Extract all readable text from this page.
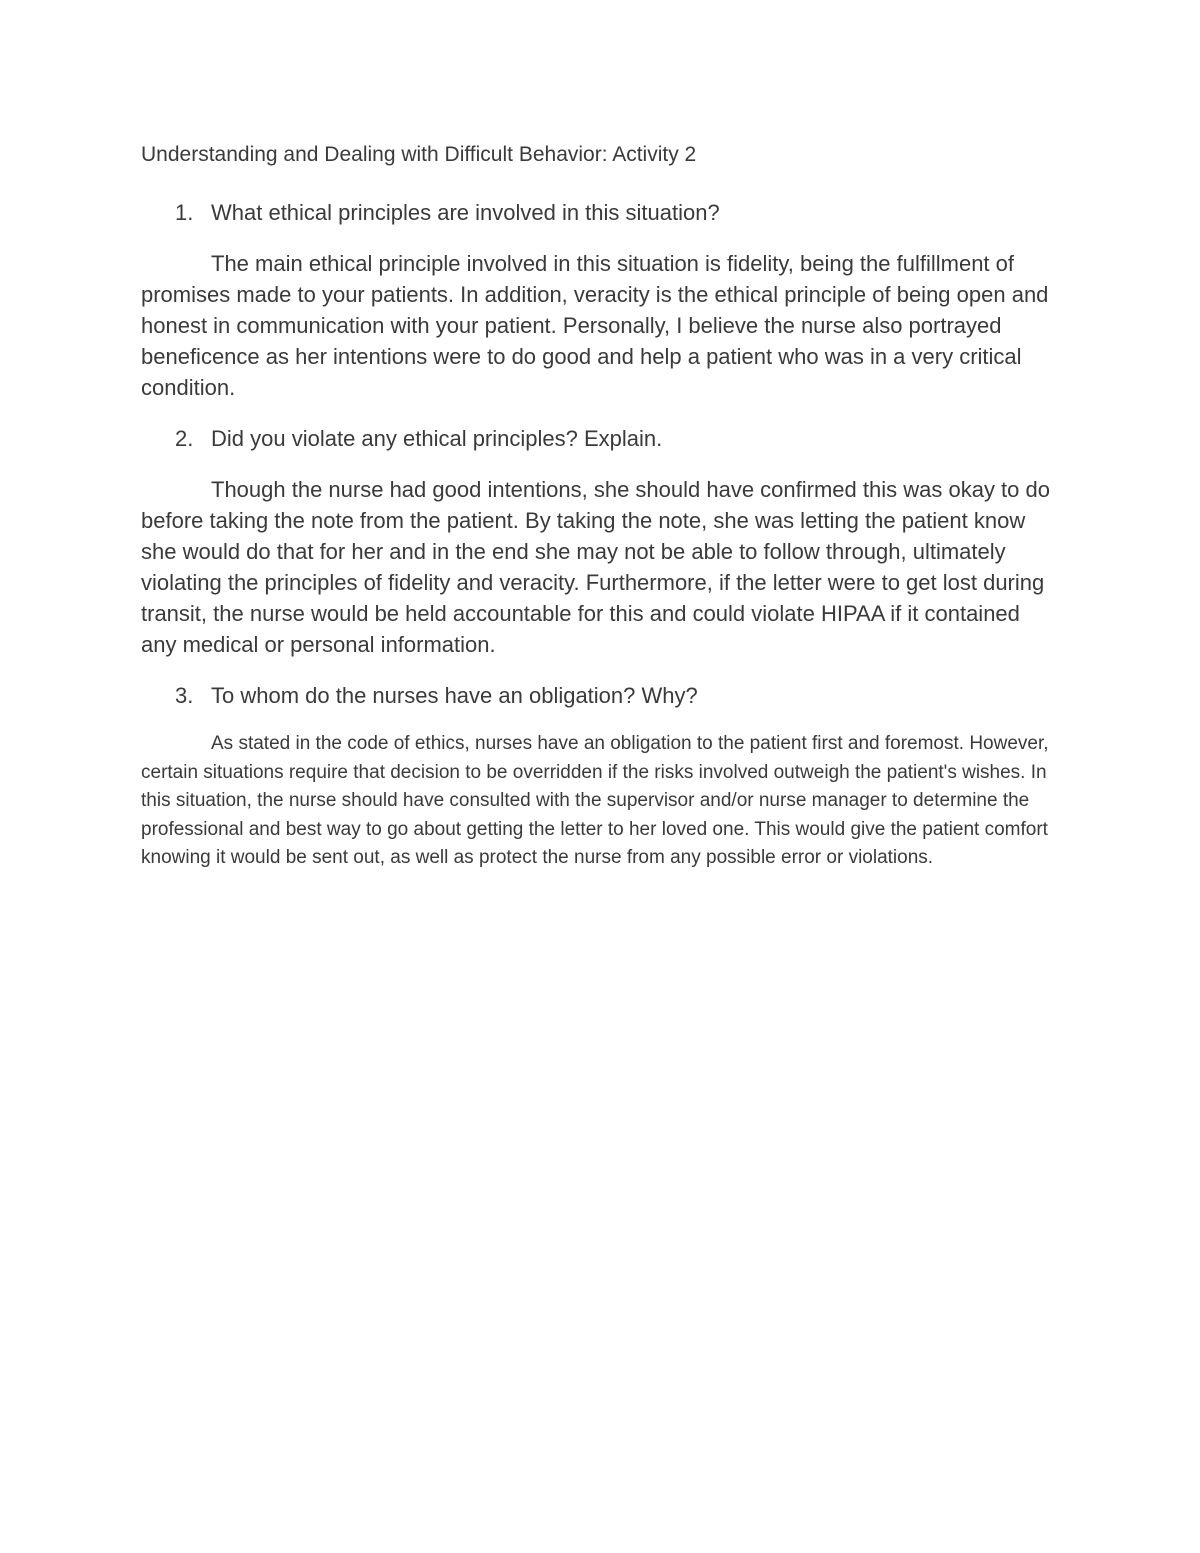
Understanding and Dealing with Difficult Behavior: Activity 2
1. What ethical principles are involved in this situation?

The main ethical principle involved in this situation is fidelity, being the fulfillment of promises made to your patients. In addition, veracity is the ethical principle of being open and honest in communication with your patient. Personally, I believe the nurse also portrayed beneficence as her intentions were to do good and help a patient who was in a very critical condition.

2. Did you violate any ethical principles? Explain.

Though the nurse had good intentions, she should have confirmed this was okay to do before taking the note from the patient. By taking the note, she was letting the patient know she would do that for her and in the end she may not be able to follow through, ultimately violating the principles of fidelity and veracity. Furthermore, if the letter were to get lost during transit, the nurse would be held accountable for this and could violate HIPAA if it contained any medical or personal information.

3. To whom do the nurses have an obligation? Why?

As stated in the code of ethics, nurses have an obligation to the patient first and foremost. However, certain situations require that decision to be overridden if the risks involved outweigh the patient's wishes. In this situation, the nurse should have consulted with the supervisor and/or nurse manager to determine the professional and best way to go about getting the letter to her loved one. This would give the patient comfort knowing it would be sent out, as well as protect the nurse from any possible error or violations.
